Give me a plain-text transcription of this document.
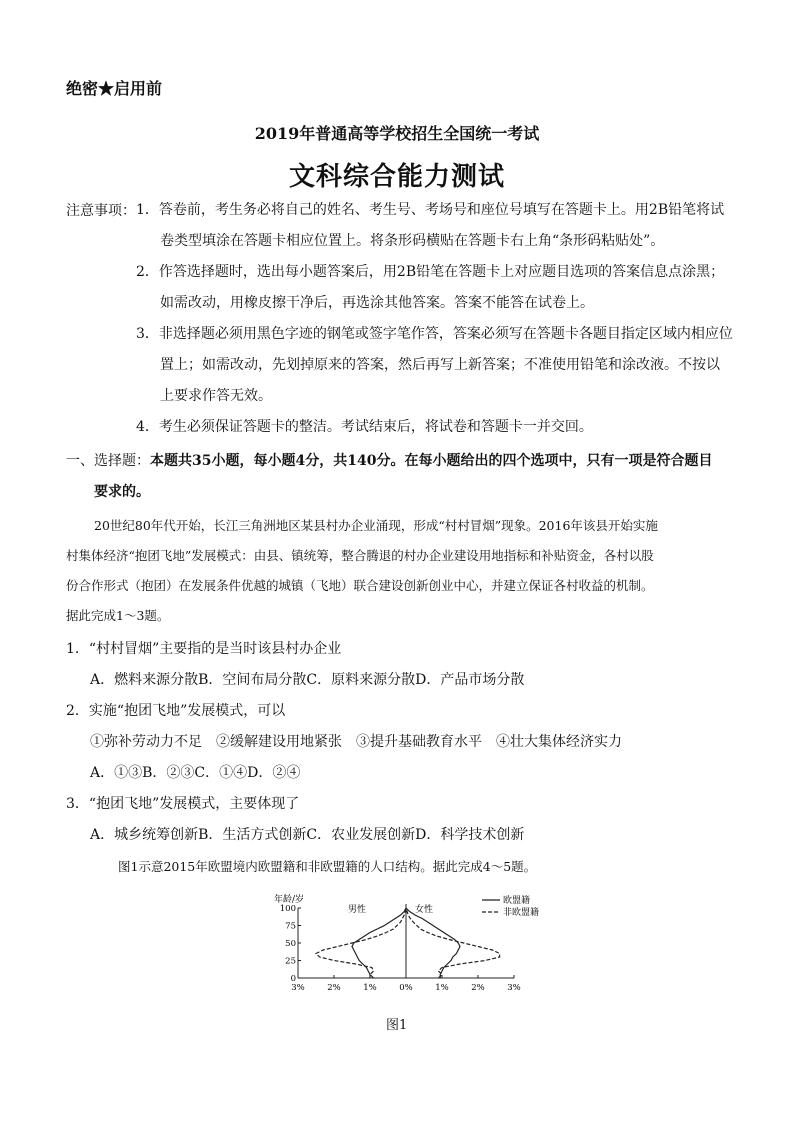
绝密★启用前
2019年普通高等学校招生全国统一考试
文科综合能力测试
注意事项： 1．答卷前，考生务必将自己的姓名、考生号、考场号和座位号填写在答题卡上。用2B铅笔将试
卷类型填涂在答题卡相应位置上。将条形码横贴在答题卡右上角“条形码粘贴处”。
2．作答选择题时，选出每小题答案后，用2B铅笔在答题卡上对应题目选项的答案信息点涂黑；
如需改动，用橡皮擦干净后，再选涂其他答案。答案不能答在试卷上。
3．非选择题必须用黑色字迹的钢笔或签字笔作答，答案必须写在答题卡各题目指定区域内相应位
置上；如需改动，先划掉原来的答案，然后再写上新答案；不准使用铅笔和涂改液。不按以
上要求作答无效。
4．考生必须保证答题卡的整洁。考试结束后，将试卷和答题卡一并交回。
一、选择题：本题共35小题，每小题4分，共140分。在每小题给出的四个选项中，只有一项是符合题目
要求的。
20世纪80年代开始，长江三角洲地区某县村办企业涌现，形成“村村冒烟”现象。2016年该县开始实施
村集体经济“抱团飞地”发展模式：由县、镇统筹，整合腾退的村办企业建设用地指标和补贴资金，各村以股
份合作形式（抱团）在发展条件优越的城镇（飞地）联合建设创新创业中心，并建立保证各村收益的机制。
据此完成1～3题。
1．“村村冒烟”主要指的是当时该县村办企业
A．燃料来源分散B．空间布局分散C．原料来源分散D．产品市场分散
2．实施“抱团飞地”发展模式，可以
①弥补劳动力不足　②缓解建设用地紧张　③提升基础教育水平　④壮大集体经济实力
A．①③B．②③C．①④D．②④
3．“抱团飞地”发展模式，主要体现了
A．城乡统筹创新B．生活方式创新C．农业发展创新D．科学技术创新
图1示意2015年欧盟境内欧盟籍和非欧盟籍的人口结构。据此完成4～5题。
年龄/岁
男性	女性
欧盟籍
非欧盟籍
100
75
50
25
0
3%	2%	1%	0%	1%	2%	3%
图1
